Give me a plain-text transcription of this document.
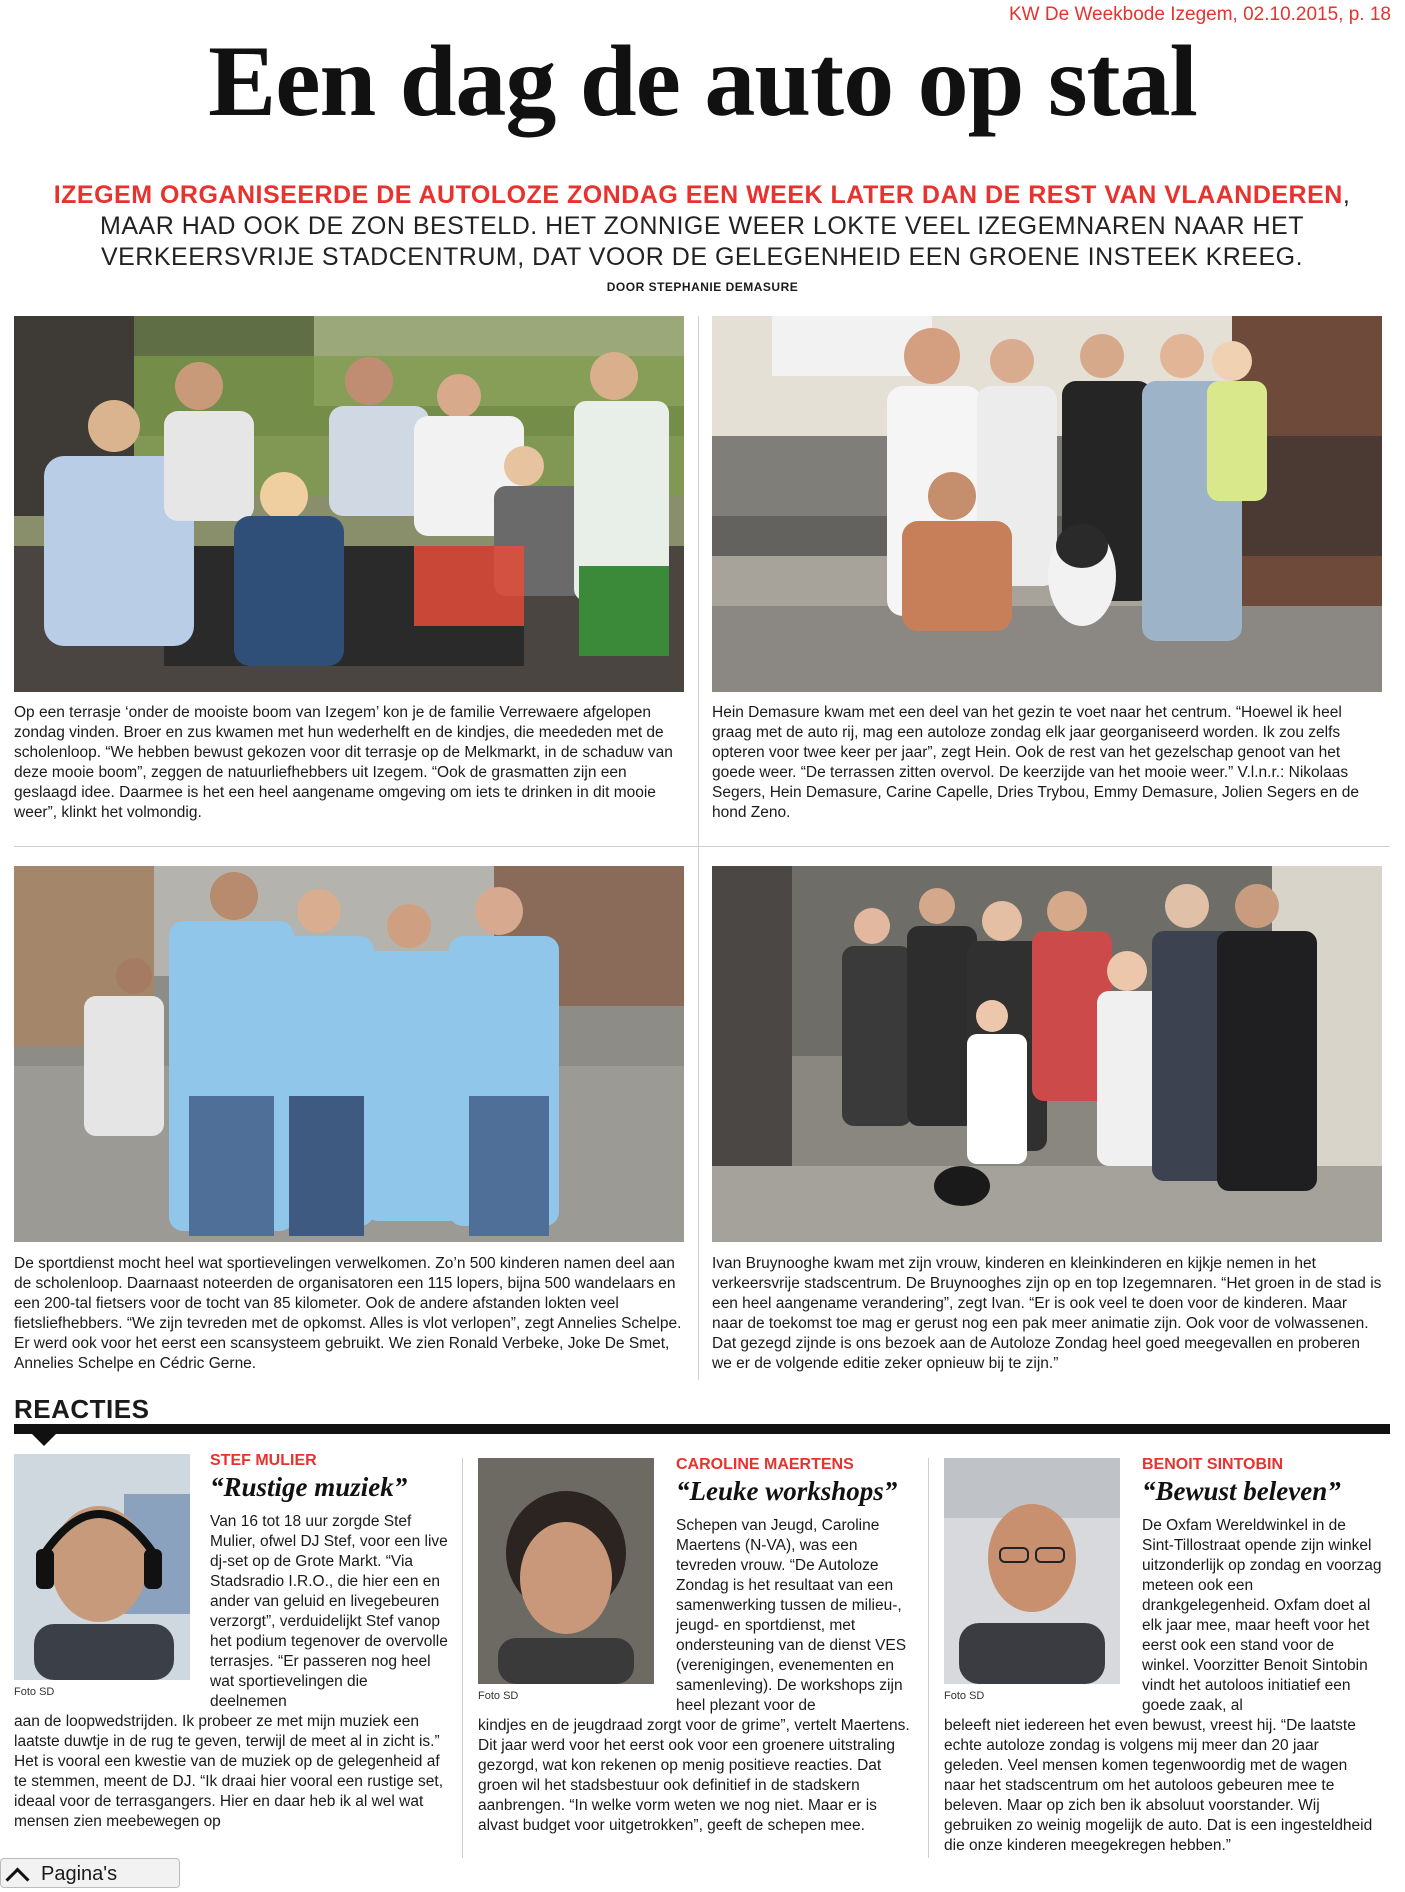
KW De Weekbode Izegem, 02.10.2015, p. 18
Een dag de auto op stal
IZEGEM ORGANISEERDE DE AUTOLOZE ZONDAG EEN WEEK LATER DAN DE REST VAN VLAANDEREN, MAAR HAD OOK DE ZON BESTELD. HET ZONNIGE WEER LOKTE VEEL IZEGEMNAREN NAAR HET VERKEERSVRIJE STADCENTRUM, DAT VOOR DE GELEGENHEID EEN GROENE INSTEEK KREEG.
DOOR STEPHANIE DEMASURE
Op een terrasje ‘onder de mooiste boom van Izegem’ kon je de familie Verrewaere afgelopen zondag vinden. Broer en zus kwamen met hun wederhelft en de kindjes, die meededen met de scholenloop. “We hebben bewust gekozen voor dit terrasje op de Melkmarkt, in de schaduw van deze mooie boom”, zeggen de natuurliefhebbers uit Izegem. “Ook de grasmatten zijn een geslaagd idee. Daarmee is het een heel aangename omgeving om iets te drinken in dit mooie weer”, klinkt het volmondig.
Hein Demasure kwam met een deel van het gezin te voet naar het centrum. “Hoewel ik heel graag met de auto rij, mag een autoloze zondag elk jaar georganiseerd worden. Ik zou zelfs opteren voor twee keer per jaar”, zegt Hein. Ook de rest van het gezelschap genoot van het goede weer. “De terrassen zitten overvol. De keerzijde van het mooie weer.” V.l.n.r.: Nikolaas Segers, Hein Demasure, Carine Capelle, Dries Trybou, Emmy Demasure, Jolien Segers en de hond Zeno.
De sportdienst mocht heel wat sportievelingen verwelkomen. Zo’n 500 kinderen namen deel aan de scholenloop. Daarnaast noteerden de organisatoren een 115 lopers, bijna 500 wandelaars en een 200-tal fietsers voor de tocht van 85 kilometer. Ook de andere afstanden lokten veel fietsliefhebbers. “We zijn tevreden met de opkomst. Alles is vlot verlopen”, zegt Annelies Schelpe. Er werd ook voor het eerst een scansysteem gebruikt. We zien Ronald Verbeke, Joke De Smet, Annelies Schelpe en Cédric Gerne.
Ivan Bruynooghe kwam met zijn vrouw, kinderen en kleinkinderen en kijkje nemen in het verkeersvrije stadscentrum. De Bruynooghes zijn op en top Izegemnaren. “Het groen in de stad is een heel aangename verandering”, zegt Ivan. “Er is ook veel te doen voor de kinderen. Maar naar de toekomst toe mag er gerust nog een pak meer animatie zijn. Ook voor de volwassenen. Dat gezegd zijnde is ons bezoek aan de Autoloze Zondag heel goed meegevallen en proberen we er de volgende editie zeker opnieuw bij te zijn.”
REACTIES
Foto SD
STEF MULIER
“Rustige muziek”
Van 16 tot 18 uur zorgde Stef Mulier, ofwel DJ Stef, voor een live dj-set op de Grote Markt. “Via Stadsradio I.R.O., die hier een en ander van geluid en livegebeuren verzorgt”, verduidelijkt Stef vanop het podium tegenover de overvolle terrasjes. “Er passeren nog heel wat sportievelingen die deelnemen
aan de loopwedstrijden. Ik probeer ze met mijn muziek een laatste duwtje in de rug te geven, terwijl de meet al in zicht is.” Het is vooral een kwestie van de muziek op de gelegenheid af te stemmen, meent de DJ. “Ik draai hier vooral een rustige set, ideaal voor de terrasgangers. Hier en daar heb ik al wel wat mensen zien meebewegen op
Foto SD
CAROLINE MAERTENS
“Leuke workshops”
Schepen van Jeugd, Caroline Maertens (N-VA), was een tevreden vrouw. “De Autoloze Zondag is het resultaat van een samenwerking tussen de milieu-, jeugd- en sportdienst, met ondersteuning van de dienst VES (verenigingen, evenementen en samenleving). De workshops zijn heel plezant voor de
kindjes en de jeugdraad zorgt voor de grime”, vertelt Maertens. Dit jaar werd voor het eerst ook voor een groenere uitstraling gezorgd, wat kon rekenen op menig positieve reacties. Dat groen wil het stadsbestuur ook definitief in de stadskern aanbrengen. “In welke vorm weten we nog niet. Maar er is alvast budget voor uitgetrokken”, geeft de schepen mee.
Foto SD
BENOIT SINTOBIN
“Bewust beleven”
De Oxfam Wereldwinkel in de Sint-Tillostraat opende zijn winkel uitzonderlijk op zondag en voorzag meteen ook een drankgelegenheid. Oxfam doet al elk jaar mee, maar heeft voor het eerst ook een stand voor de winkel. Voorzitter Benoit Sintobin vindt het autoloos initiatief een goede zaak, al
beleeft niet iedereen het even bewust, vreest hij. “De laatste echte autoloze zondag is volgens mij meer dan 20 jaar geleden. Veel mensen komen tegenwoordig met de wagen naar het stadscentrum om het autoloos gebeuren mee te beleven. Maar op zich ben ik absoluut voorstander. Wij gebruiken zo weinig mogelijk de auto. Dat is een ingesteldheid die onze kinderen meegekregen hebben.”
Pagina's
